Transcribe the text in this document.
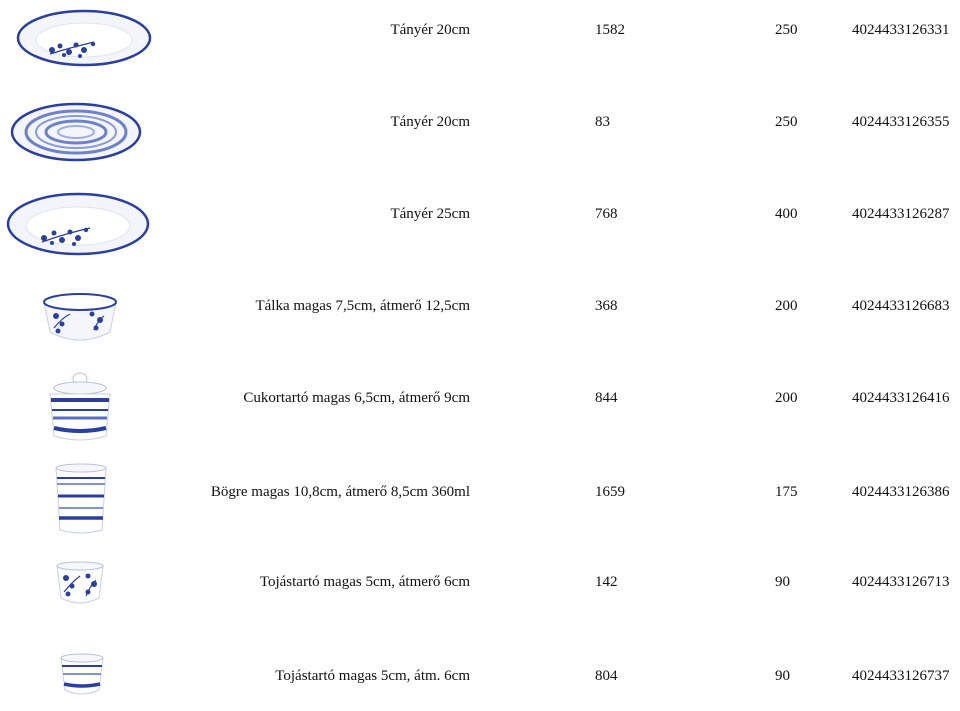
Tányér 20cm	1582	250	4024433126331
Tányér 20cm	83	250	4024433126355
Tányér 25cm	768	400	4024433126287
Tálka magas 7,5cm, átmerő 12,5cm	368	200	4024433126683
Cukortartó magas 6,5cm, átmerő 9cm	844	200	4024433126416
Bögre magas 10,8cm, átmerő 8,5cm 360ml	1659	175	4024433126386
Tojástartó magas 5cm, átmerő 6cm	142	90	4024433126713
Tojástartó magas 5cm, átm. 6cm	804	90	4024433126737
